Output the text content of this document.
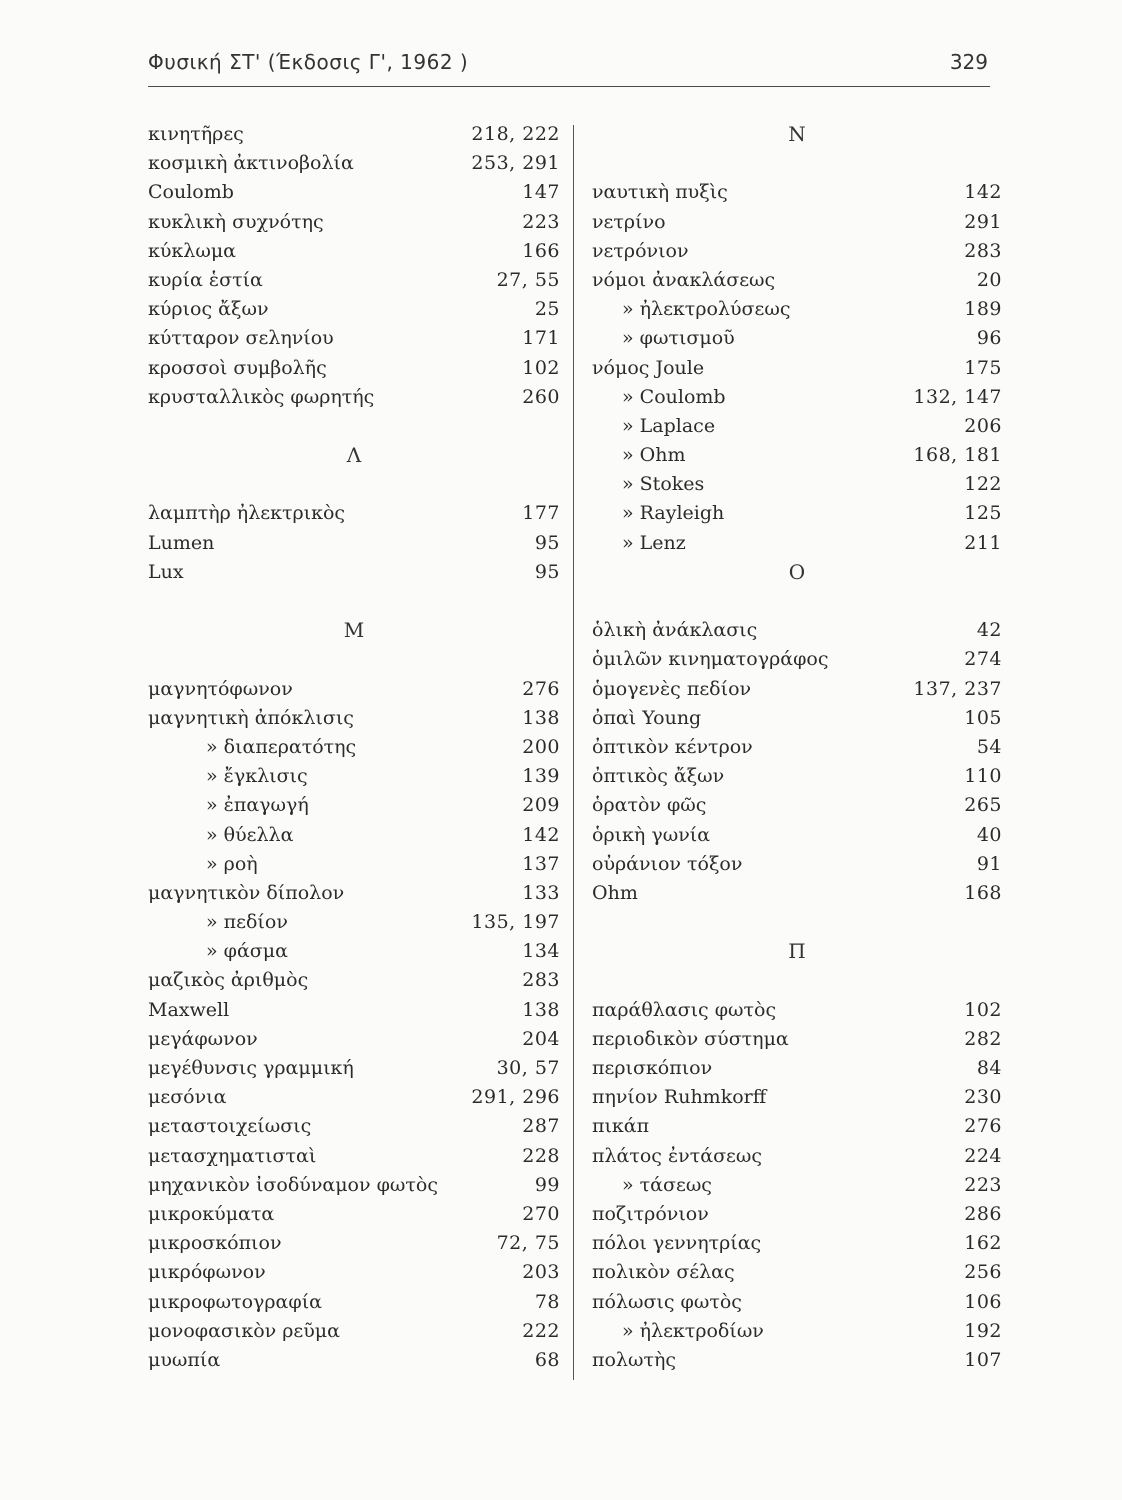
Φυσική ΣΤ' (Έκδοσις Γ', 1962 )	329
κινητῆρες	218, 222
κοσμικὴ ἀκτινοβολία	253, 291
Coulomb	147
κυκλικὴ συχνότης	223
κύκλωμα	166
κυρία ἑστία	27, 55
κύριος ἄξων	25
κύτταρον σεληνίου	171
κροσσοὶ συμβολῆς	102
κρυσταλλικὸς φωρητής	260
Λ
λαμπτὴρ ἠλεκτρικὸς	177
Lumen	95
Lux	95
Μ
μαγνητόφωνον	276
μαγνητικὴ ἀπόκλισις	138
» διαπερατότης	200
» ἔγκλισις	139
» ἐπαγωγή	209
» θύελλα	142
» ροὴ	137
μαγνητικὸν δίπολον	133
» πεδίον	135, 197
» φάσμα	134
μαζικὸς ἀριθμὸς	283
Maxwell	138
μεγάφωνον	204
μεγέθυνσις γραμμική	30, 57
μεσόνια	291, 296
μεταστοιχείωσις	287
μετασχηματισταὶ	228
μηχανικὸν ἰσοδύναμον φωτὸς	99
μικροκύματα	270
μικροσκόπιον	72, 75
μικρόφωνον	203
μικροφωτογραφία	78
μονοφασικὸν ρεῦμα	222
μυωπία	68
Ν
ναυτικὴ πυξὶς	142
νετρίνο	291
νετρόνιον	283
νόμοι ἀνακλάσεως	20
» ἠλεκτρολύσεως	189
» φωτισμοῦ	96
νόμος Joule	175
» Coulomb	132, 147
» Laplace	206
» Ohm	168, 181
» Stokes	122
» Rayleigh	125
» Lenz	211
Ο
ὁλικὴ ἀνάκλασις	42
ὁμιλῶν κινηματογράφος	274
ὁμογενὲς πεδίον	137, 237
ὀπαὶ Young	105
ὀπτικὸν κέντρον	54
ὀπτικὸς ἄξων	110
ὁρατὸν φῶς	265
ὁρικὴ γωνία	40
οὐράνιον τόξον	91
Ohm	168
Π
παράθλασις φωτὸς	102
περιοδικὸν σύστημα	282
περισκόπιον	84
πηνίον Ruhmkorff	230
πικάπ	276
πλάτος ἐντάσεως	224
» τάσεως	223
ποζιτρόνιον	286
πόλοι γεννητρίας	162
πολικὸν σέλας	256
πόλωσις φωτὸς	106
» ἠλεκτροδίων	192
πολωτὴς	107
